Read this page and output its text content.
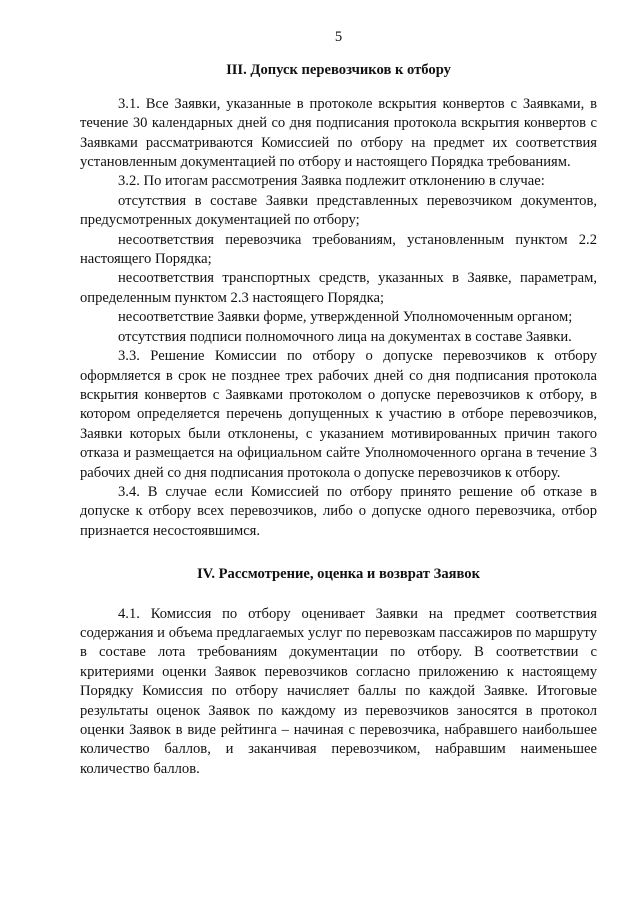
5
III. Допуск перевозчиков к отбору

3.1. Все Заявки, указанные в протоколе вскрытия конвертов с Заявками, в течение 30 календарных дней со дня подписания протокола вскрытия конвертов с Заявками рассматриваются Комиссией по отбору на предмет их соответствия установленным документацией по отбору и настоящего Порядка требованиям.

3.2. По итогам рассмотрения Заявка подлежит отклонению в случае:

отсутствия в составе Заявки представленных перевозчиком документов, предусмотренных документацией по отбору;

несоответствия перевозчика требованиям, установленным пунктом 2.2 настоящего Порядка;

несоответствия транспортных средств, указанных в Заявке, параметрам, определенным пунктом 2.3 настоящего Порядка;

несоответствие Заявки форме, утвержденной Уполномоченным органом;

отсутствия подписи полномочного лица на документах в составе Заявки.

3.3. Решение Комиссии по отбору о допуске перевозчиков к отбору оформляется в срок не позднее трех рабочих дней со дня подписания протокола вскрытия конвертов с Заявками протоколом о допуске перевозчиков к отбору, в котором определяется перечень допущенных к участию в отборе перевозчиков, Заявки которых были отклонены, с указанием мотивированных причин такого отказа и размещается на официальном сайте Уполномоченного органа в течение 3 рабочих дней со дня подписания протокола о допуске перевозчиков к отбору.

3.4. В случае если Комиссией по отбору принято решение об отказе в допуске к отбору всех перевозчиков, либо о допуске одного перевозчика, отбор признается несостоявшимся.

IV. Рассмотрение, оценка и возврат Заявок

4.1. Комиссия по отбору оценивает Заявки на предмет соответствия содержания и объема предлагаемых услуг по перевозкам пассажиров по маршруту в составе лота требованиям документации по отбору. В соответствии с критериями оценки Заявок перевозчиков согласно приложению к настоящему Порядку Комиссия по отбору начисляет баллы по каждой Заявке. Итоговые результаты оценок Заявок по каждому из перевозчиков заносятся в протокол оценки Заявок в виде рейтинга – начиная с перевозчика, набравшего наибольшее количество баллов, и заканчивая перевозчиком, набравшим наименьшее количество баллов.
